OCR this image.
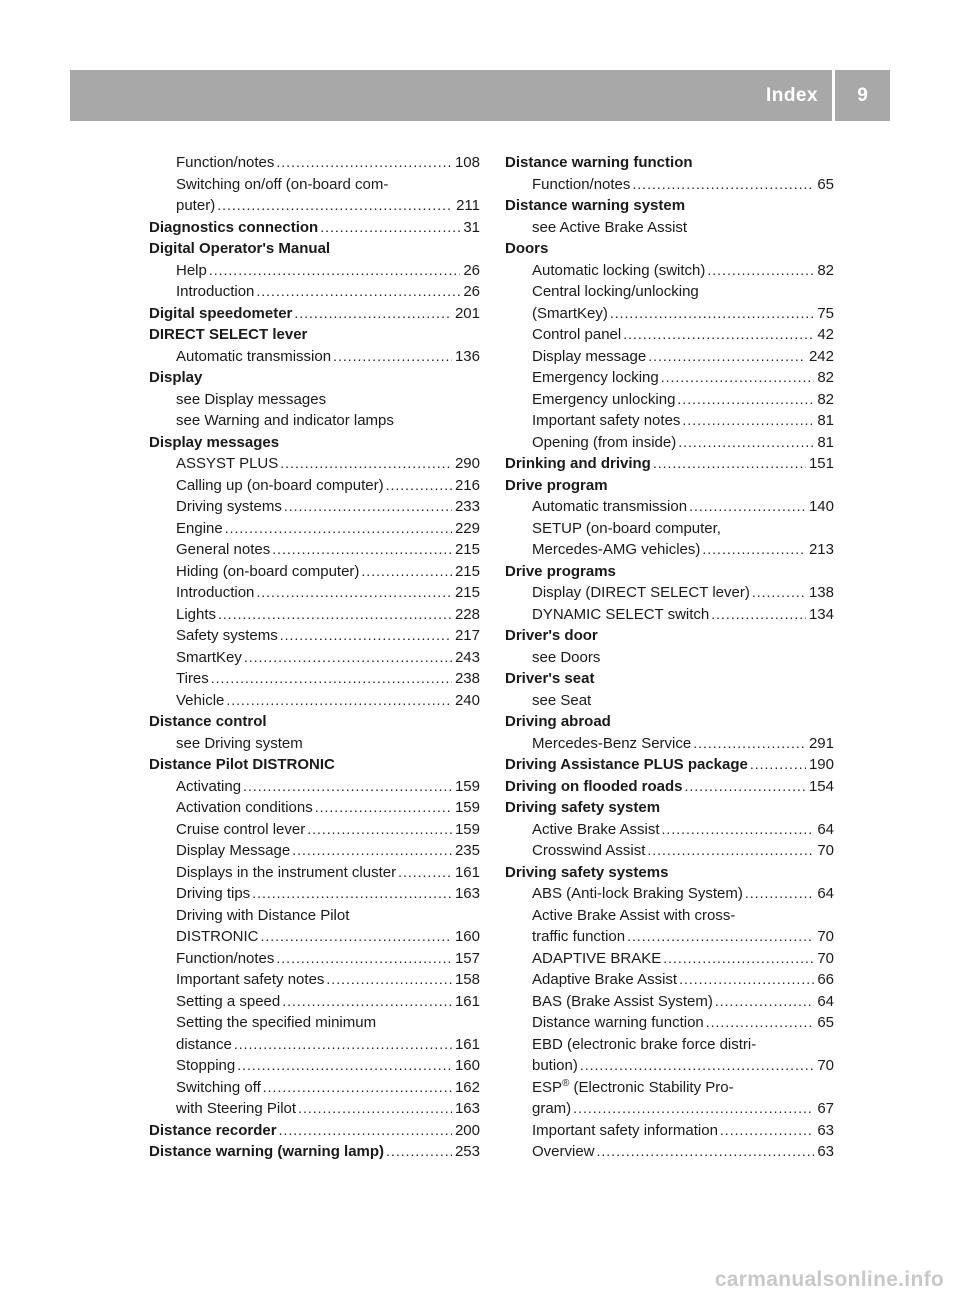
Index	9
Function/notes .....	108
Switching on/off (on-board com-
puter) .....	211
Diagnostics connection .....	31
Digital Operator's Manual
Help .....	26
Introduction .....	26
Digital speedometer .....	201
DIRECT SELECT lever
Automatic transmission .....	136
Display
see Display messages
see Warning and indicator lamps
Display messages
ASSYST PLUS .....	290
Calling up (on-board computer) .....	216
Driving systems .....	233
Engine .....	229
General notes .....	215
Hiding (on-board computer) .....	215
Introduction .....	215
Lights .....	228
Safety systems .....	217
SmartKey .....	243
Tires .....	238
Vehicle .....	240
Distance control
see Driving system
Distance Pilot DISTRONIC
Activating .....	159
Activation conditions .....	159
Cruise control lever .....	159
Display Message .....	235
Displays in the instrument cluster .....	161
Driving tips .....	163
Driving with Distance Pilot
DISTRONIC .....	160
Function/notes .....	157
Important safety notes .....	158
Setting a speed .....	161
Setting the specified minimum
distance .....	161
Stopping .....	160
Switching off .....	162
with Steering Pilot .....	163
Distance recorder .....	200
Distance warning (warning lamp) .....	253
Distance warning function
Function/notes .....	65
Distance warning system
see Active Brake Assist
Doors
Automatic locking (switch) .....	82
Central locking/unlocking
(SmartKey) .....	75
Control panel .....	42
Display message .....	242
Emergency locking .....	82
Emergency unlocking .....	82
Important safety notes .....	81
Opening (from inside) .....	81
Drinking and driving .....	151
Drive program
Automatic transmission .....	140
SETUP (on-board computer,
Mercedes-AMG vehicles) .....	213
Drive programs
Display (DIRECT SELECT lever) .....	138
DYNAMIC SELECT switch .....	134
Driver's door
see Doors
Driver's seat
see Seat
Driving abroad
Mercedes-Benz Service .....	291
Driving Assistance PLUS package .....	190
Driving on flooded roads .....	154
Driving safety system
Active Brake Assist .....	64
Crosswind Assist .....	70
Driving safety systems
ABS (Anti-lock Braking System) .....	64
Active Brake Assist with cross-
traffic function .....	70
ADAPTIVE BRAKE .....	70
Adaptive Brake Assist .....	66
BAS (Brake Assist System) .....	64
Distance warning function .....	65
EBD (electronic brake force distri-
bution) .....	70
ESP® (Electronic Stability Pro-
gram) .....	67
Important safety information .....	63
Overview .....	63
carmanualsonline.info
